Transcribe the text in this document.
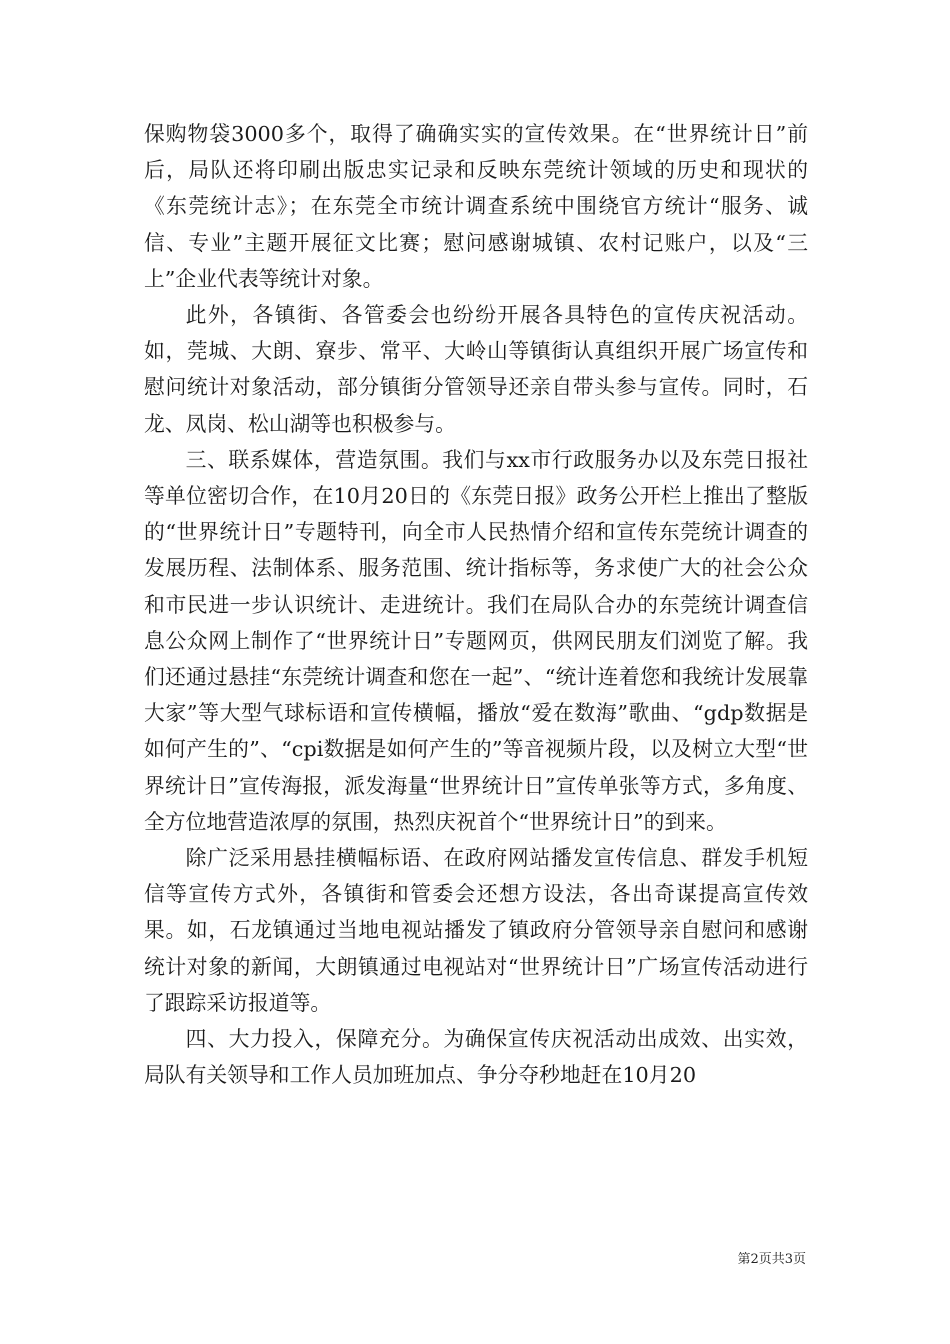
保购物袋3000多个，取得了确确实实的宣传效果。在“世界统计日”前后，局队还将印刷出版忠实记录和反映东莞统计领域的历史和现状的《东莞统计志》；在东莞全市统计调查系统中围绕官方统计“服务、诚信、专业”主题开展征文比赛；慰问感谢城镇、农村记账户，以及“三上”企业代表等统计对象。

此外，各镇街、各管委会也纷纷开展各具特色的宣传庆祝活动。如，莞城、大朗、寮步、常平、大岭山等镇街认真组织开展广场宣传和慰问统计对象活动，部分镇街分管领导还亲自带头参与宣传。同时，石龙、凤岗、松山湖等也积极参与。

三、联系媒体，营造氛围。我们与xx市行政服务办以及东莞日报社等单位密切合作，在10月20日的《东莞日报》政务公开栏上推出了整版的“世界统计日”专题特刊，向全市人民热情介绍和宣传东莞统计调查的发展历程、法制体系、服务范围、统计指标等，务求使广大的社会公众和市民进一步认识统计、走进统计。我们在局队合办的东莞统计调查信息公众网上制作了“世界统计日”专题网页，供网民朋友们浏览了解。我们还通过悬挂“东莞统计调查和您在一起”、“统计连着您和我统计发展靠大家”等大型气球标语和宣传横幅，播放“爱在数海”歌曲、“gdp数据是如何产生的”、“cpi数据是如何产生的”等音视频片段，以及树立大型“世界统计日”宣传海报，派发海量“世界统计日”宣传单张等方式，多角度、全方位地营造浓厚的氛围，热烈庆祝首个“世界统计日”的到来。

除广泛采用悬挂横幅标语、在政府网站播发宣传信息、群发手机短信等宣传方式外，各镇街和管委会还想方设法，各出奇谋提高宣传效果。如，石龙镇通过当地电视站播发了镇政府分管领导亲自慰问和感谢统计对象的新闻，大朗镇通过电视站对“世界统计日”广场宣传活动进行了跟踪采访报道等。

四、大力投入，保障充分。为确保宣传庆祝活动出成效、出实效，局队有关领导和工作人员加班加点、争分夺秒地赶在10月20

第2页共3页
